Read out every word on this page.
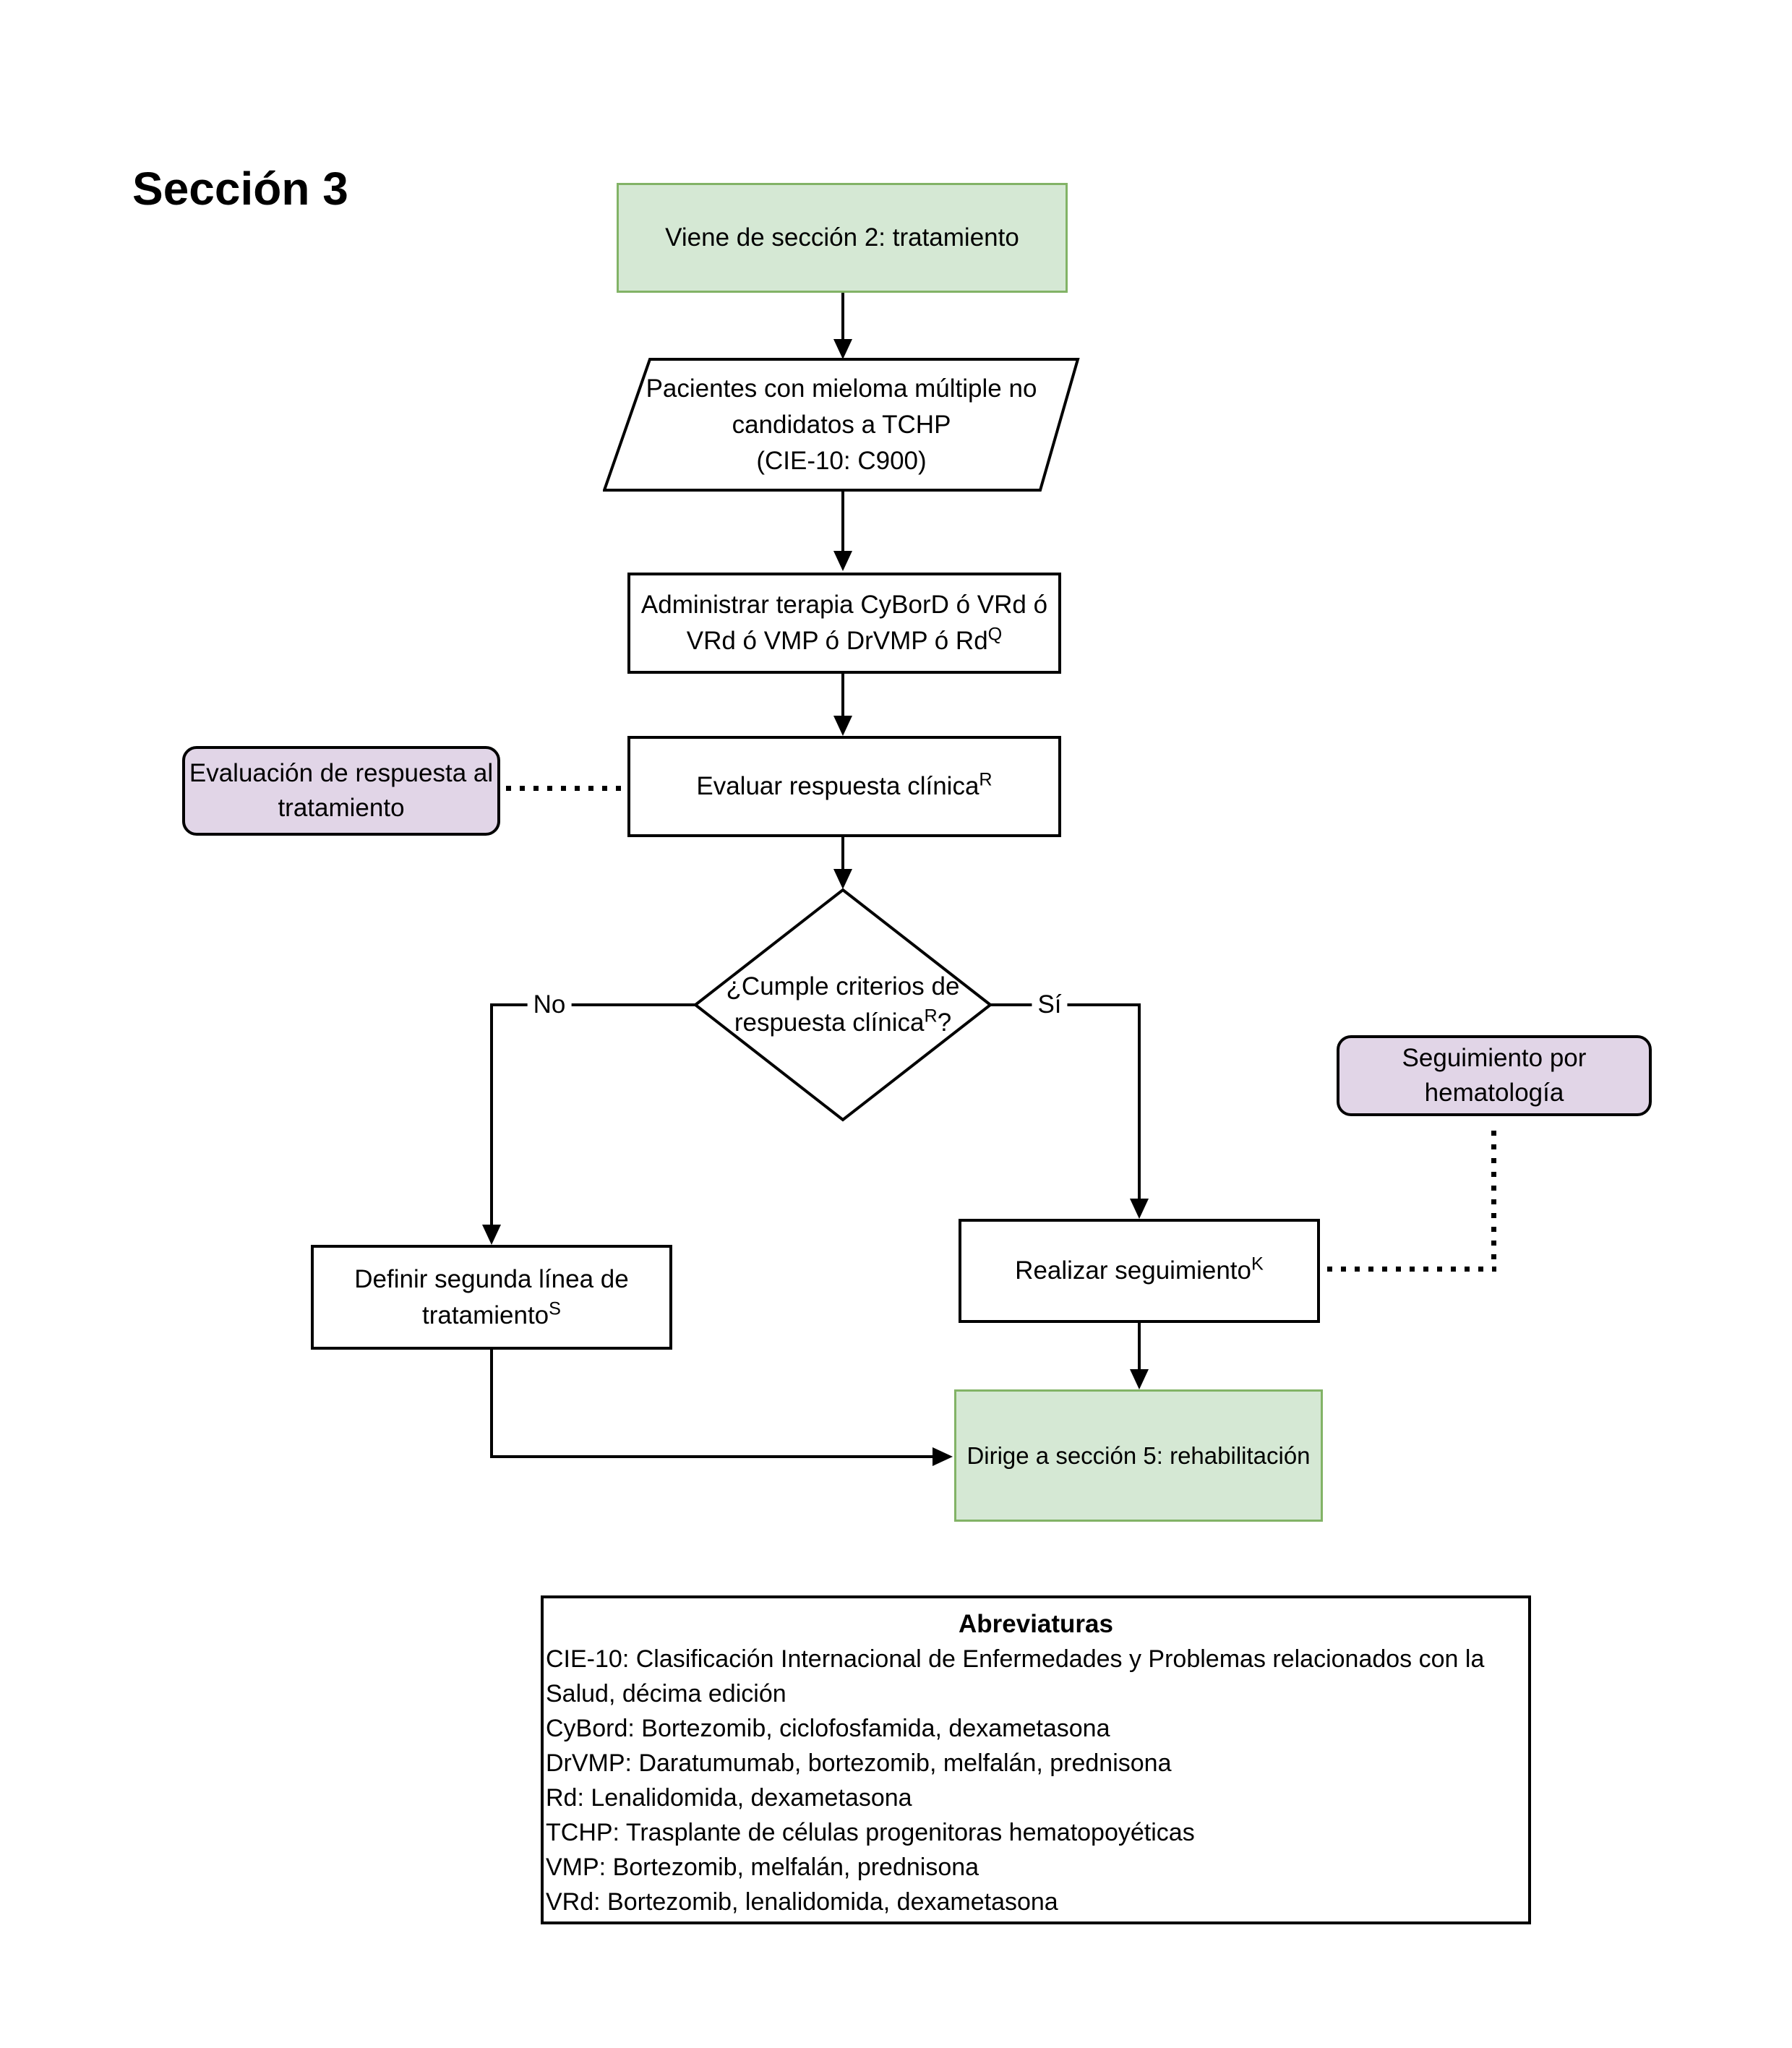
Sección 3
Viene de sección 2: tratamiento
Pacientes con mieloma múltiple no
candidatos a TCHP
(CIE-10: C900)
Administrar terapia CyBorD ó VRd ó
VRd ó VMP ó DrVMP ó $Rd^Q$
Evaluar respuesta clínica$^R$
Evaluación de respuesta al
tratamiento
¿Cumple criterios de
respuesta clínica$^R$?
No	Sí
Definir segunda línea de
tratamiento$^S$
Realizar seguimiento$^K$
Seguimiento por
hematología
Dirige a sección 5: rehabilitación
Abreviaturas
CIE-10: Clasificación Internacional de Enfermedades y Problemas relacionados con la
Salud, décima edición
CyBord: Bortezomib, ciclofosfamida, dexametasona
DrVMP: Daratumumab, bortezomib, melfalán, prednisona
Rd: Lenalidomida, dexametasona
TCHP: Trasplante de células progenitoras hematopoyéticas
VMP: Bortezomib, melfalán, prednisona
VRd: Bortezomib, lenalidomida, dexametasona
